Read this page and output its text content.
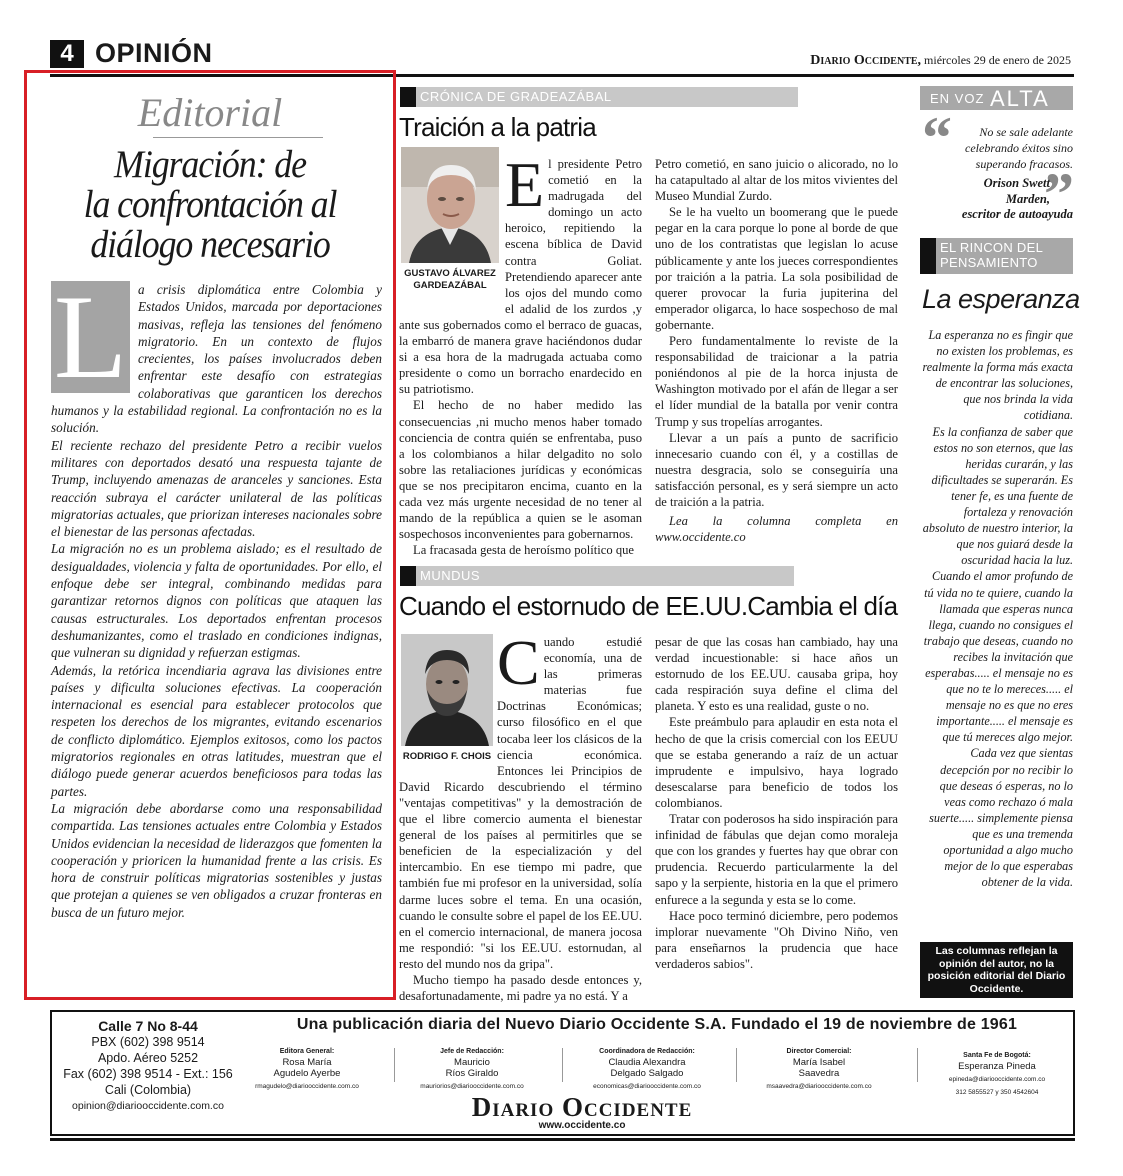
4 OPINIÓN	Diario Occidente, miércoles 29 de enero de 2025
Editorial
Migración: de
la confrontación al
diálogo necesario

L a crisis diplomática entre Colombia y Estados Unidos, marcada por deportaciones masivas, refleja las tensiones del fenómeno migratorio. En un contexto de flujos crecientes, los países involucrados deben enfrentar este desafío con estrategias colaborativas que garanticen los derechos humanos y la estabilidad regional. La confrontación no es la solución.

El reciente rechazo del presidente Petro a recibir vuelos militares con deportados desató una respuesta tajante de Trump, incluyendo amenazas de aranceles y sanciones. Esta reacción subraya el carácter unilateral de las políticas migratorias actuales, que priorizan intereses nacionales sobre el bienestar de las personas afectadas.

La migración no es un problema aislado; es el resultado de desigualdades, violencia y falta de oportunidades. Por ello, el enfoque debe ser integral, combinando medidas para garantizar retornos dignos con políticas que ataquen las causas estructurales. Los deportados enfrentan procesos deshumanizantes, como el traslado en condiciones indignas, que vulneran su dignidad y refuerzan estigmas.

Además, la retórica incendiaria agrava las divisiones entre países y dificulta soluciones efectivas. La cooperación internacional es esencial para establecer protocolos que respeten los derechos de los migrantes, evitando escenarios de conflicto diplomático. Ejemplos exitosos, como los pactos migratorios regionales en otras latitudes, muestran que el diálogo puede generar acuerdos beneficiosos para todas las partes.

La migración debe abordarse como una responsabilidad compartida. Las tensiones actuales entre Colombia y Estados Unidos evidencian la necesidad de liderazgos que fomenten la cooperación y prioricen la humanidad frente a las crisis. Es hora de construir políticas migratorias sostenibles y justas que protejan a quienes se ven obligados a cruzar fronteras en busca de un futuro mejor.

CRÓNICA DE GRADEAZÁBAL
Traición a la patria
GUSTAVO ÁLVAREZ
GARDEAZÁBAL

El presidente Petro cometió en la madrugada del domingo un acto heroico, repitiendo la escena bíblica de David contra Goliat. Pretendiendo aparecer ante los ojos del mundo como el adalid de los zurdos ,y ante sus gobernados como el berraco de guacas, la embarró de manera grave haciéndonos dudar si a esa hora de la madrugada actuaba como presidente o como un borracho enardecido en su patriotismo.

El hecho de no haber medido las consecuencias ,ni mucho menos haber tomado conciencia de contra quién se enfrentaba, puso a los colombianos a hilar delgadito no solo sobre las retaliaciones jurídicas y económicas que se nos precipitaron encima, cuanto en la cada vez más urgente necesidad de no tener al mando de la república a quien se le asoman sospechosos inconvenientes para gobernarnos.

La fracasada gesta de heroísmo político que

Petro cometió, en sano juicio o alicorado, no lo ha catapultado al altar de los mitos vivientes del Museo Mundial Zurdo.

Se le ha vuelto un boomerang que le puede pegar en la cara porque lo pone al borde de que uno de los contratistas que legislan lo acuse públicamente y ante los jueces correspondientes por traición a la patria. La sola posibilidad de querer provocar la furia jupiterina del emperador oligarca, lo hace sospechoso de mal gobernante.

Pero fundamentalmente lo reviste de la responsabilidad de traicionar a la patria poniéndonos al pie de la horca injusta de Washington motivado por el afán de llegar a ser el líder mundial de la batalla por venir contra Trump y sus tropelías arrogantes.

Llevar a un país a punto de sacrificio innecesario cuando con él, y a costillas de nuestra desgracia, solo se conseguiría una satisfacción personal, es y será siempre un acto de traición a la patria.

Lea la columna completa en www.occidente.co

MUNDUS
Cuando el estornudo de EE.UU.Cambia el día
RODRIGO F. CHOIS

Cuando estudié economía, una de las primeras materias fue Doctrinas Económicas; curso filosófico en el que tocaba leer los clásicos de la ciencia económica. Entonces lei Principios de David Ricardo descubriendo el término "ventajas competitivas" y la demostración de que el libre comercio aumenta el bienestar general de los países al permitirles que se beneficien de la especialización y del intercambio. En ese tiempo mi padre, que también fue mi profesor en la universidad, solía darme luces sobre el tema. En una ocasión, cuando le consulte sobre el papel de los EE.UU. en el comercio internacional, de manera jocosa me respondió: "si los EE.UU. estornudan, al resto del mundo nos da gripa".

Mucho tiempo ha pasado desde entonces y, desafortunadamente, mi padre ya no está. Y a

pesar de que las cosas han cambiado, hay una verdad incuestionable: si hace años un estornudo de los EE.UU. causaba gripa, hoy cada respiración suya define el clima del planeta. Y esto es una realidad, guste o no.

Este preámbulo para aplaudir en esta nota el hecho de que la crisis comercial con los EEUU que se estaba generando a raíz de un actuar imprudente e impulsivo, haya logrado desescalarse para beneficio de todos los colombianos.

Tratar con poderosos ha sido inspiración para infinidad de fábulas que dejan como moraleja que con los grandes y fuertes hay que obrar con prudencia. Recuerdo particularmente la del sapo y la serpiente, historia en la que el primero enfurece a la segunda y esta se lo come.

Hace poco terminó diciembre, pero podemos implorar nuevamente "Oh Divino Niño, ven para enseñarnos la prudencia que hace verdaderos sabios".

EN VOZ ALTA
“	No se sale adelante celebrando éxitos sino superando fracasos.
”
Orison Swett
Marden,
escritor de autoayuda
EL RINCON DEL
PENSAMIENTO
La esperanza

La esperanza no es fingir que no existen los problemas, es realmente la forma más exacta de encontrar las soluciones, que nos brinda la vida cotidiana.

Es la confianza de saber que estos no son eternos, que las heridas curarán, y las dificultades se superarán. Es tener fe, es una fuente de fortaleza y renovación absoluto de nuestro interior, la que nos guiará desde la oscuridad hacia la luz.

Cuando el amor profundo de tú vida no te quiere, cuando la llamada que esperas nunca llega, cuando no consigues el trabajo que deseas, cuando no recibes la invitación que esperabas..... el mensaje no es que no te lo mereces..... el mensaje no es que no eres importante..... el mensaje es que tú mereces algo mejor. Cada vez que sientas decepción por no recibir lo que deseas ó esperas, no lo veas como rechazo ó mala suerte..... simplemente piensa que es una tremenda oportunidad a algo mucho mejor de lo que esperabas obtener de la vida.

Las columnas reflejan la opinión del autor, no la posición editorial del Diario Occidente.
Calle 7 No 8-44
PBX (602) 398 9514
Apdo. Aéreo 5252
Fax (602) 398 9514 - Ext.: 156
Cali (Colombia)
opinion@diariooccidente.com.co
Una publicación diaria del Nuevo Diario Occidente S.A. Fundado el 19 de noviembre de 1961
Editora General:
Rosa María
Agudelo Ayerbe
rmagudelo@diariooccidente.com.co
Jefe de Redacción:
Mauricio
Ríos Giraldo
mauriorios@diariooccidente.com.co
Coordinadora de Redacción:
Claudia Alexandra
Delgado Salgado
economicas@diariooccidente.com.co
Director Comercial:
María Isabel
Saavedra
msaavedra@diariooccidente.com.co
Santa Fe de Bogotá:
Esperanza Pineda
epineda@diariooccidente.com.co
312 5855527 y 350 4542604
Diario Occidente
www.occidente.co
